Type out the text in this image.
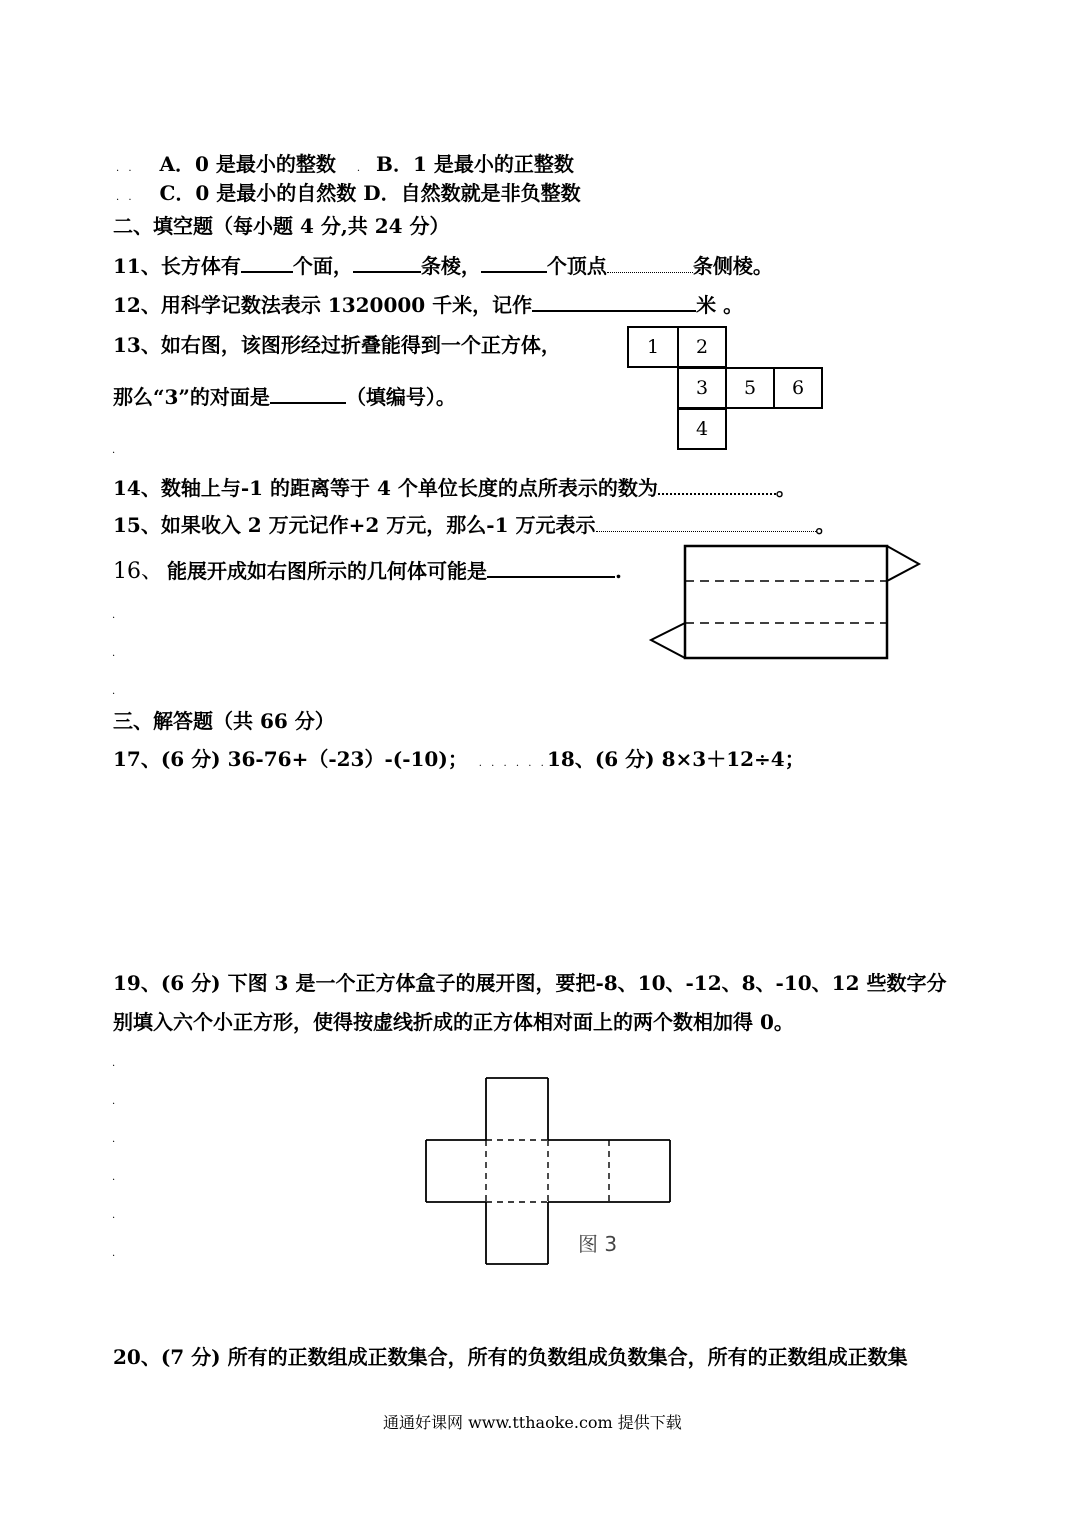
. . A．0 是最小的整数 . B．1 是最小的正整数
. . C．0 是最小的自然数 D．自然数就是非负整数
二、填空题（每小题 4 分,共 24 分）
11、长方体有	个面，	条棱，	个顶点	条侧棱。
12、用科学记数法表示 1320000 千米，记作	米 。
13、如右图，该图形经过折叠能得到一个正方体，
那么“3”的对面是	（填编号）。
1	2
3	5	6
4
14、数轴上与-1 的距离等于 4 个单位长度的点所表示的数为	。
15、如果收入 2 万元记作+2 万元，那么-1 万元表示	。
16、 能展开成如右图所示的几何体可能是	.
.
.
.
.
三、解答题（共 66 分）
17、(6 分) 36-76+（-23）-(-10)； . . . . . . .
18、(6 分) 8×3＋12÷4；
19、(6 分) 下图 3 是一个正方体盒子的展开图，要把-8、10、-12、8、-10、12 些数字分
别填入六个小正方形，使得按虚线折成的正方体相对面上的两个数相加得 0。
.
.
.
.
.
.	图 3
20、(7 分) 所有的正数组成正数集合，所有的负数组成负数集合，所有的正数组成正数集
通通好课网 www.tthaoke.com 提供下载
